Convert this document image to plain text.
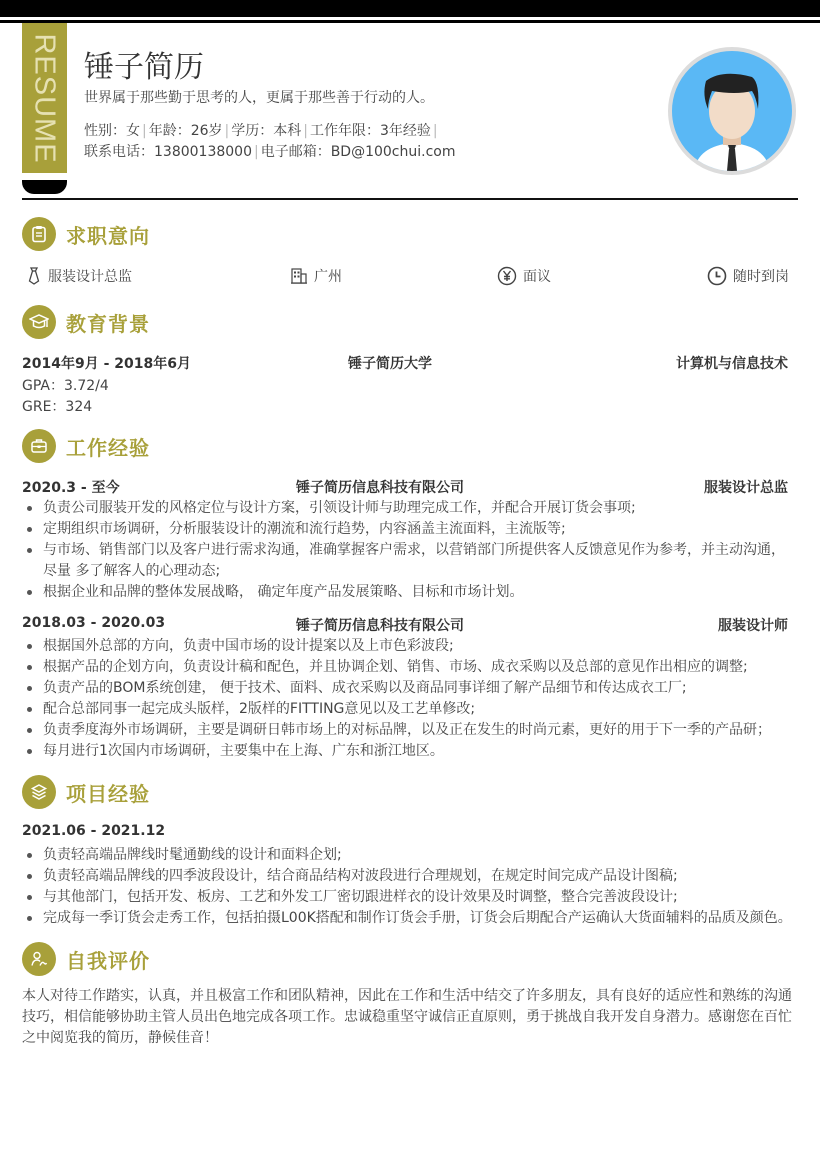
RESUME 锤子简历
世界属于那些勤于思考的人，更属于那些善于行动的人。
性别：女 | 年龄：26岁 | 学历：本科 | 工作年限：3年经验 |
联系电话：13800138000 | 电子邮箱：BD@100chui.com
求职意向
服装设计总监	广州	面议	随时到岗
教育背景
2014年9月 - 2018年6月	锤子简历大学	计算机与信息技术
GPA：3.72/4
GRE：324
工作经验
2020.3 - 至今	锤子简历信息科技有限公司	服装设计总监
负责公司服装开发的风格定位与设计方案，引领设计师与助理完成工作，并配合开展订货会事项;
定期组织市场调研，分析服装设计的潮流和流行趋势，内容涵盖主流面料，主流版等;
与市场、销售部门以及客户进行需求沟通，准确掌握客户需求，以营销部门所提供客人反馈意见作为参考，并主动沟通，尽量 多了解客人的心理动态;
根据企业和品牌的整体发展战略， 确定年度产品发展策略、目标和市场计划。
2018.03 - 2020.03	锤子简历信息科技有限公司	服装设计师
根据国外总部的方向，负责中国市场的设计提案以及上市色彩波段;
根据产品的企划方向，负责设计稿和配色，并且协调企划、销售、市场、成衣采购以及总部的意见作出相应的调整;
负责产品的BOM系统创建， 便于技术、面料、成衣采购以及商品同事详细了解产品细节和传达成衣工厂;
配合总部同事一起完成头版样，2版样的FITTING意见以及工艺单修改;
负责季度海外市场调研，主要是调研日韩市场上的对标品牌，以及正在发生的时尚元素，更好的用于下一季的产品研；
每月进行1次国内市场调研，主要集中在上海、广东和浙江地区。
项目经验
2021.06 - 2021.12
负责轻高端品牌线时髦通勤线的设计和面料企划;
负责轻高端品牌线的四季波段设计，结合商品结构对波段进行合理规划，在规定时间完成产品设计图稿;
与其他部门，包括开发、板房、工艺和外发工厂密切跟进样衣的设计效果及时调整，整合完善波段设计;
完成每一季订货会走秀工作，包括拍摄L00K搭配和制作订货会手册，订货会后期配合产运确认大货面辅料的品质及颜色。
自我评价

本人对待工作踏实，认真，并且极富工作和团队精神，因此在工作和生活中结交了许多朋友，具有良好的适应性和熟练的沟通技巧，相信能够协助主管人员出色地完成各项工作。忠诚稳重坚守诚信正直原则，勇于挑战自我开发自身潜力。感谢您在百忙之中阅览我的简历，静候佳音！
